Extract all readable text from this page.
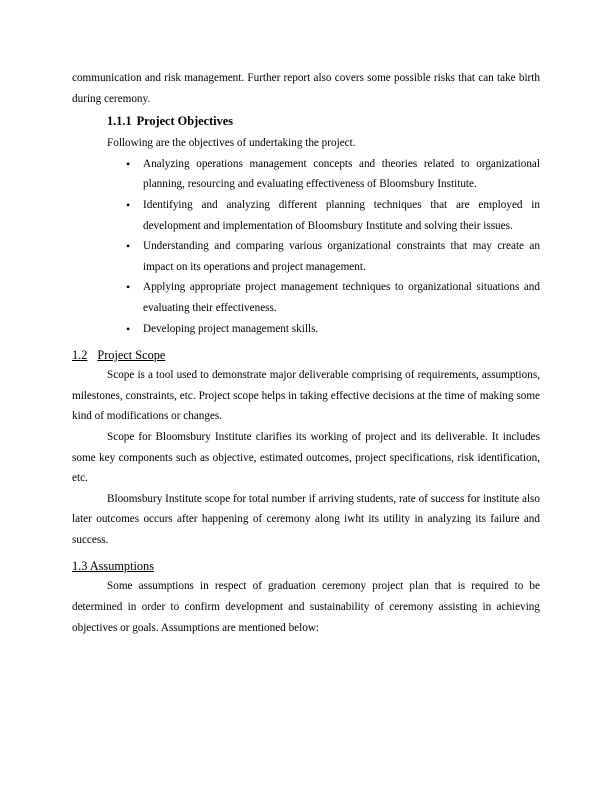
communication and risk management. Further report also covers some possible risks that can take birth during ceremony.

1.1.1 Project Objectives

Following are the objectives of undertaking the project.

• Analyzing operations management concepts and theories related to organizational planning, resourcing and evaluating effectiveness of Bloomsbury Institute.
• Identifying and analyzing different planning techniques that are employed in development and implementation of Bloomsbury Institute and solving their issues.
• Understanding and comparing various organizational constraints that may create an impact on its operations and project management.
• Applying appropriate project management techniques to organizational situations and evaluating their effectiveness.
• Developing project management skills.
1.2 Project Scope

Scope is a tool used to demonstrate major deliverable comprising of requirements, assumptions, milestones, constraints, etc. Project scope helps in taking effective decisions at the time of making some kind of modifications or changes.

Scope for Bloomsbury Institute clarifies its working of project and its deliverable. It includes some key components such as objective, estimated outcomes, project specifications, risk identification, etc.

Bloomsbury Institute scope for total number if arriving students, rate of success for institute also later outcomes occurs after happening of ceremony along iwht its utility in analyzing its failure and success.

1.3 Assumptions

Some assumptions in respect of graduation ceremony project plan that is required to be determined in order to confirm development and sustainability of ceremony assisting in achieving objectives or goals. Assumptions are mentioned below:
